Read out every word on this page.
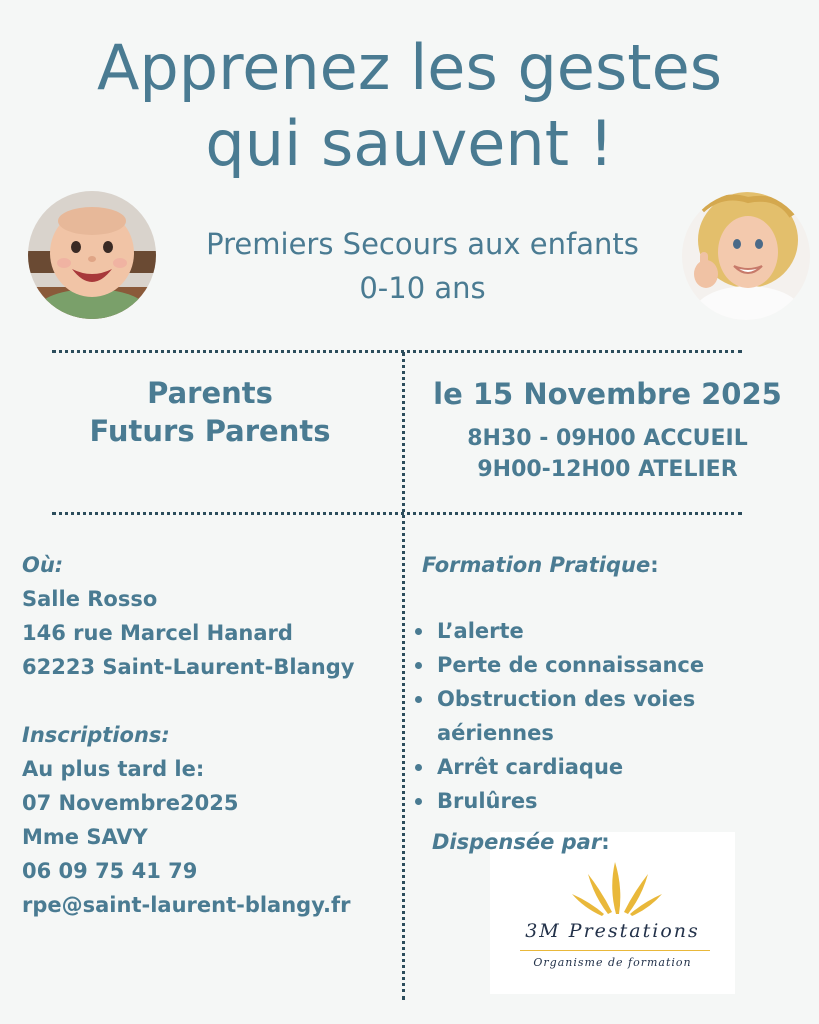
Apprenez les gestes
qui sauvent !
Premiers Secours aux enfants
0-10 ans
Parents
Futurs Parents
le 15 Novembre 2025
8H30 - 09H00 ACCUEIL
9H00-12H00 ATELIER
Où:
Salle Rosso
146 rue Marcel Hanard
62223 Saint-Laurent-Blangy
Inscriptions:
Au plus tard le:
07 Novembre2025
Mme SAVY
06 09 75 41 79
rpe@saint-laurent-blangy.fr
Formation Pratique:
L’alerte
Perte de connaissance
Obstruction des voies aériennes
Arrêt cardiaque
Brulûres
3M Prestations
Organisme de formation
Dispensée par:
